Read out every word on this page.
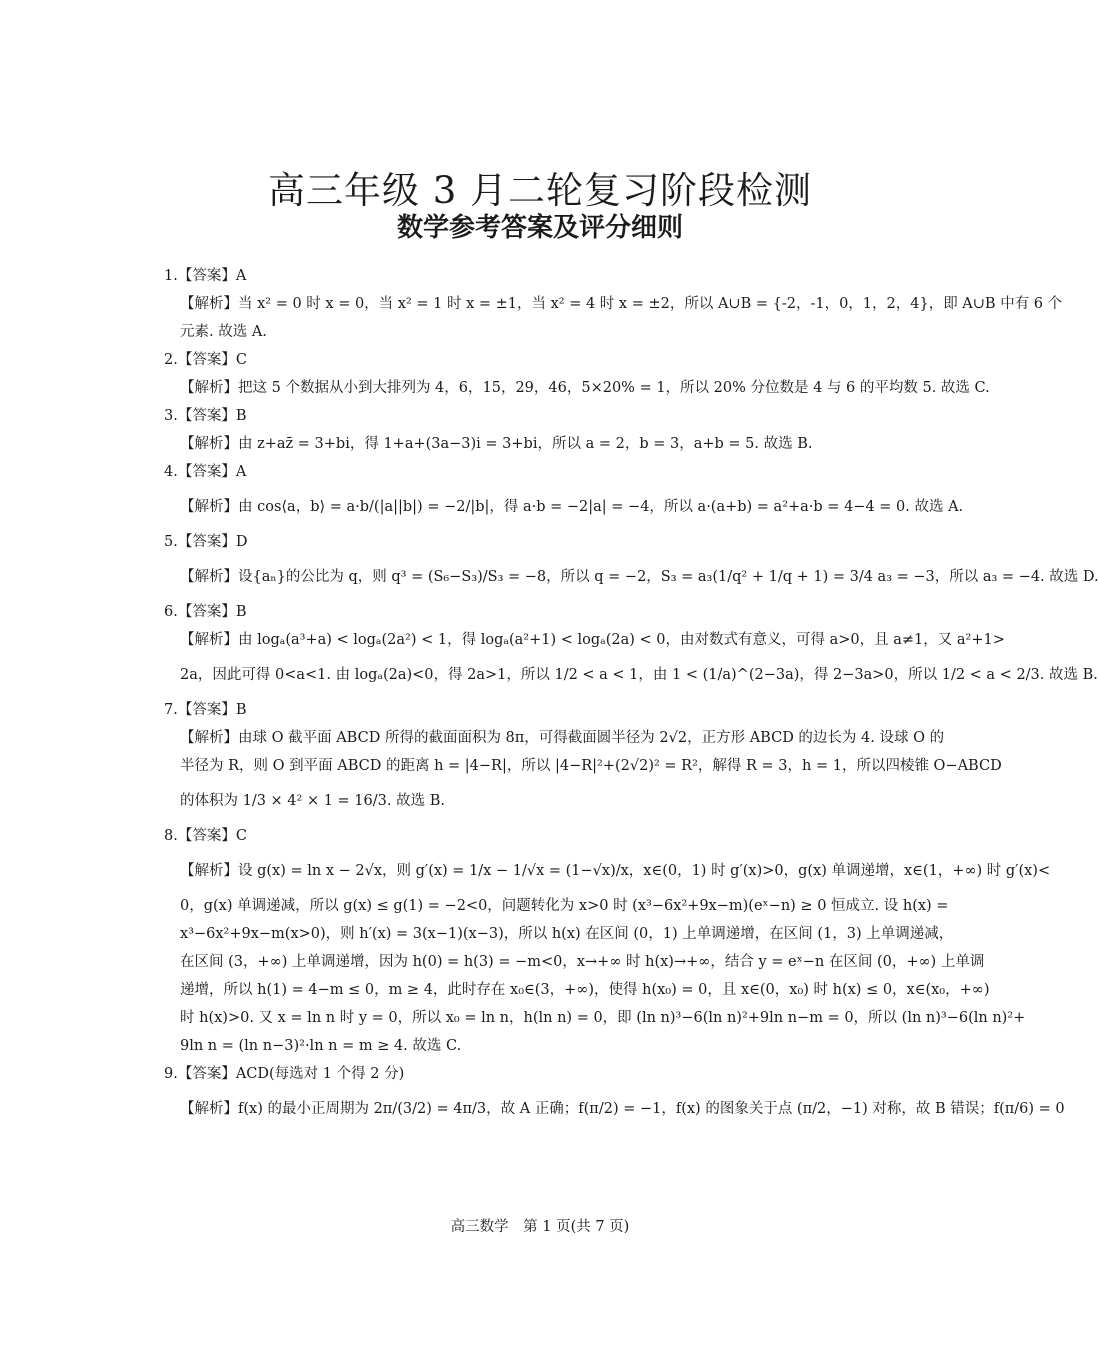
高三年级 3 月二轮复习阶段检测
数学参考答案及评分细则
1.【答案】A
【解析】当 x² = 0 时 x = 0，当 x² = 1 时 x = ±1，当 x² = 4 时 x = ±2，所以 A∪B = {-2，-1，0，1，2，4}，即 A∪B 中有 6 个
元素. 故选 A.
2.【答案】C
【解析】把这 5 个数据从小到大排列为 4，6，15，29，46，5×20% = 1，所以 20% 分位数是 4 与 6 的平均数 5. 故选 C.
3.【答案】B
【解析】由 z+az̄ = 3+bi，得 1+a+(3a−3)i = 3+bi，所以 a = 2，b = 3，a+b = 5. 故选 B.
4.【答案】A
【解析】由 cos⟨a，b⟩ = a·b/(|a||b|) = −2/|b|，得 a·b = −2|a| = −4，所以 a·(a+b) = a²+a·b = 4−4 = 0. 故选 A.
5.【答案】D
【解析】设{aₙ}的公比为 q，则 q³ = (S₆−S₃)/S₃ = −8，所以 q = −2，S₃ = a₃(1/q² + 1/q + 1) = 3/4 a₃ = −3，所以 a₃ = −4. 故选 D.
6.【答案】B
【解析】由 logₐ(a³+a) < logₐ(2a²) < 1，得 logₐ(a²+1) < logₐ(2a) < 0，由对数式有意义，可得 a>0，且 a≠1，又 a²+1>
2a，因此可得 0<a<1. 由 logₐ(2a)<0，得 2a>1，所以 1/2 < a < 1，由 1 < (1/a)^(2−3a)，得 2−3a>0，所以 1/2 < a < 2/3. 故选 B.
7.【答案】B
【解析】由球 O 截平面 ABCD 所得的截面面积为 8π，可得截面圆半径为 2√2，正方形 ABCD 的边长为 4. 设球 O 的
半径为 R，则 O 到平面 ABCD 的距离 h = |4−R|，所以 |4−R|²+(2√2)² = R²，解得 R = 3，h = 1，所以四棱锥 O−ABCD
的体积为 1/3 × 4² × 1 = 16/3. 故选 B.
8.【答案】C
【解析】设 g(x) = ln x − 2√x，则 g′(x) = 1/x − 1/√x = (1−√x)/x，x∈(0，1) 时 g′(x)>0，g(x) 单调递增，x∈(1，+∞) 时 g′(x)<
0，g(x) 单调递减，所以 g(x) ≤ g(1) = −2<0，问题转化为 x>0 时 (x³−6x²+9x−m)(eˣ−n) ≥ 0 恒成立. 设 h(x) =
x³−6x²+9x−m(x>0)，则 h′(x) = 3(x−1)(x−3)，所以 h(x) 在区间 (0，1) 上单调递增，在区间 (1，3) 上单调递减，
在区间 (3，+∞) 上单调递增，因为 h(0) = h(3) = −m<0，x→+∞ 时 h(x)→+∞，结合 y = eˣ−n 在区间 (0，+∞) 上单调
递增，所以 h(1) = 4−m ≤ 0，m ≥ 4，此时存在 x₀∈(3，+∞)，使得 h(x₀) = 0，且 x∈(0，x₀) 时 h(x) ≤ 0，x∈(x₀，+∞)
时 h(x)>0. 又 x = ln n 时 y = 0，所以 x₀ = ln n，h(ln n) = 0，即 (ln n)³−6(ln n)²+9ln n−m = 0，所以 (ln n)³−6(ln n)²+
9ln n = (ln n−3)²·ln n = m ≥ 4. 故选 C.
9.【答案】ACD(每选对 1 个得 2 分)
【解析】f(x) 的最小正周期为 2π/(3/2) = 4π/3，故 A 正确；f(π/2) = −1，f(x) 的图象关于点 (π/2，−1) 对称，故 B 错误；f(π/6) = 0
高三数学　第 1 页(共 7 页)
